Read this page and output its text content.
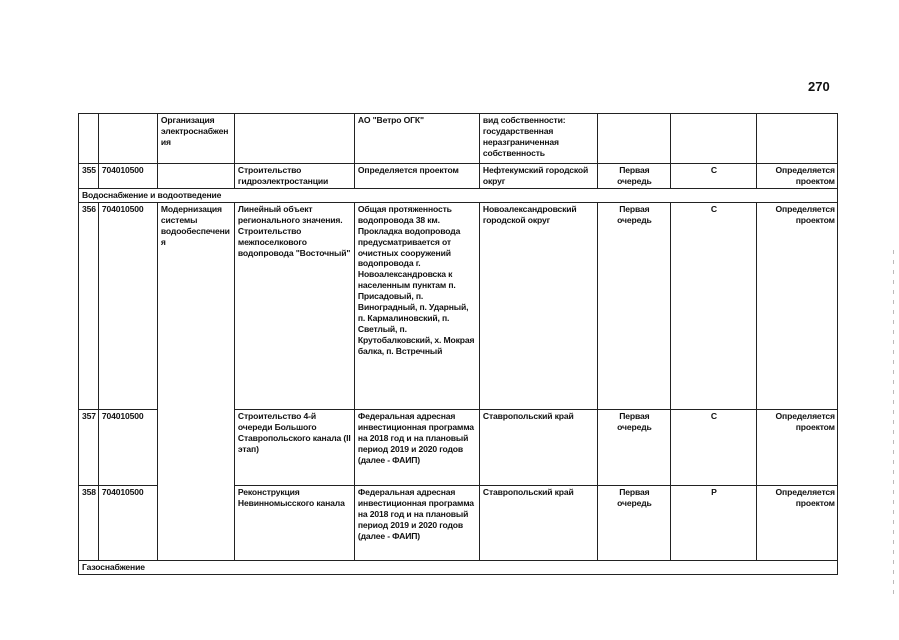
270
		Организация электроснабжен ия		АО "Ветро ОГК"	вид собственности: государственная неразграниченная собственность			
355	704010500		Строительство гидроэлектростанции	Определяется проектом	Нефтекумский городской округ	Первая очередь	С	Определяется проектом
Водоснабжение и водоотведение								
356	704010500	Модернизация системы водообеспечени я	Линейный объект регионального значения. Строительство межпоселкового водопровода "Восточный"	Общая протяженность водопровода 38 км. Прокладка водопровода предусматривается от очистных сооружений водопровода г. Новоалександровска к населенным пунктам п. Присадовый, п. Виноградный, п. Ударный, п. Кармалиновский, п. Светлый, п. Крутобалковский, х. Мокрая балка, п. Встречный	Новоалександровский городской округ	Первая очередь	С	Определяется проектом
357	704010500		Строительство 4-й очереди Большого Ставропольского канала (II этап)	Федеральная адресная инвестиционная программа на 2018 год и на плановый период 2019 и 2020 годов (далее - ФАИП)	Ставропольский край	Первая очередь	С	Определяется проектом
358	704010500		Реконструкция Невинномысского канала	Федеральная адресная инвестиционная программа на 2018 год и на плановый период 2019 и 2020 годов (далее - ФАИП)	Ставропольский край	Первая очередь	Р	Определяется проектом
Газоснабжение								
